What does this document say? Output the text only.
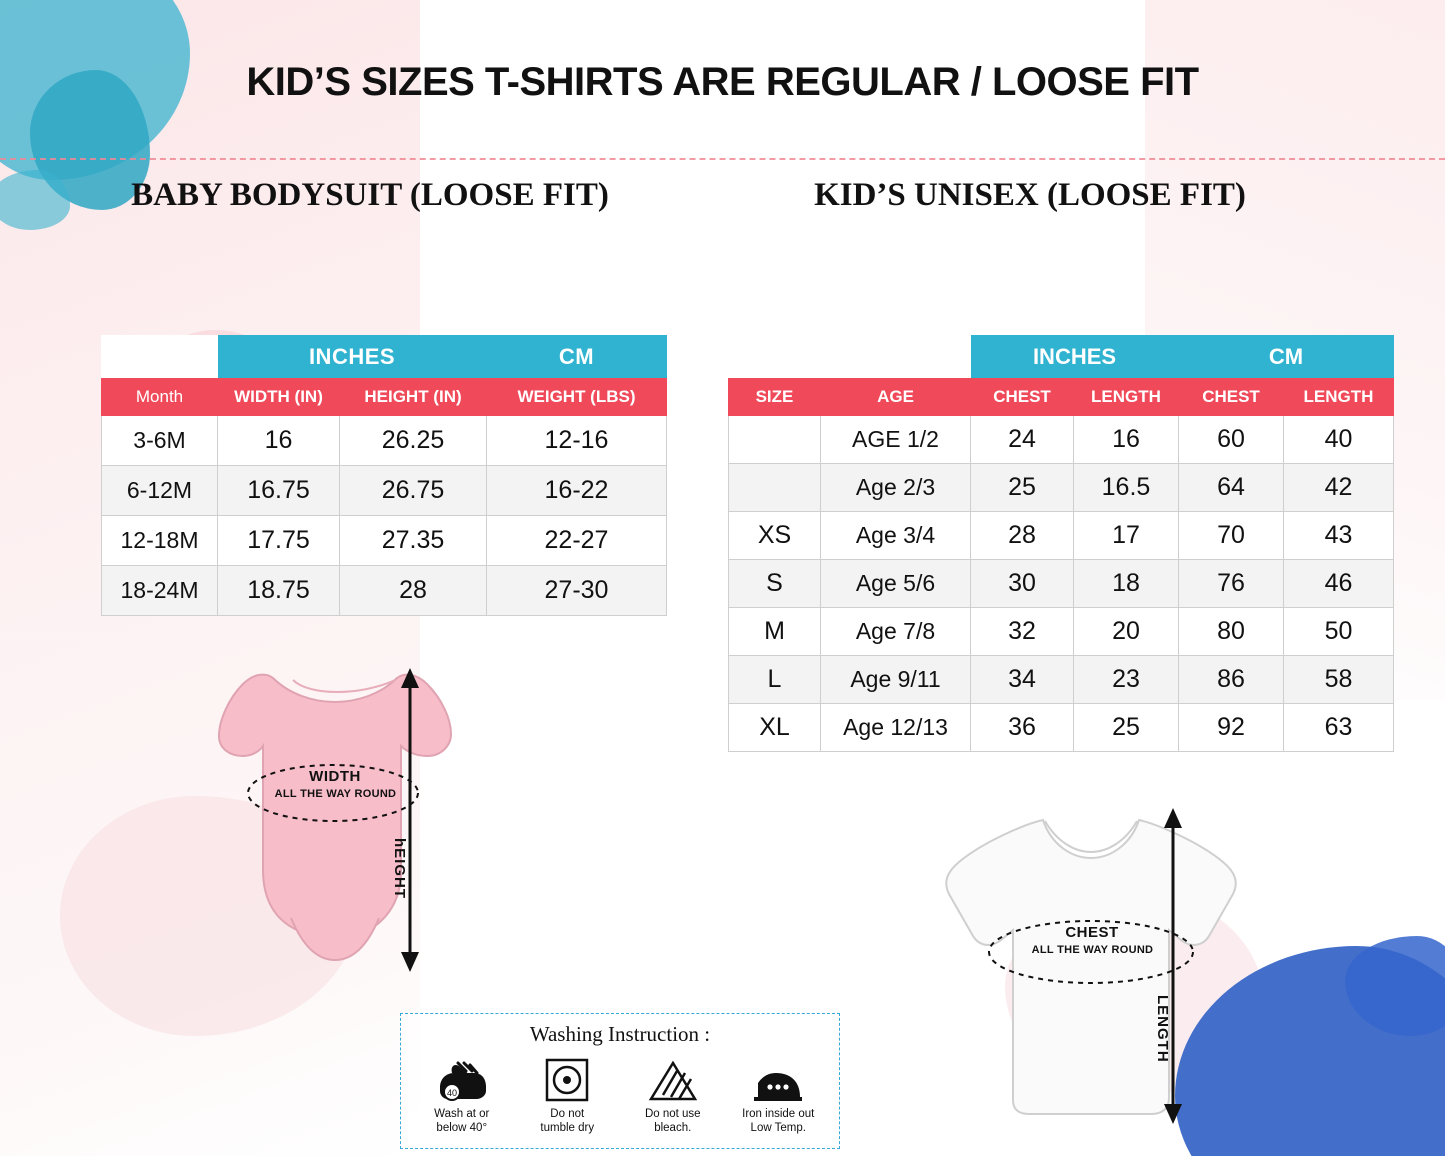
KID’S SIZES T-SHIRTS ARE REGULAR / LOOSE FIT
BABY BODYSUIT (LOOSE FIT)	KID’S UNISEX (LOOSE FIT)
	INCHES		CM
Month	WIDTH (IN)	HEIGHT (IN)	WEIGHT (LBS)
3-6M	16	26.25	12-16
6-12M	16.75	26.75	16-22
12-18M	17.75	27.35	22-27
18-24M	18.75	28	27-30
		INCHES		CM	
SIZE	AGE	CHEST	LENGTH	CHEST	LENGTH
	AGE 1/2	24	16	60	40
	Age 2/3	25	16.5	64	42
XS	Age 3/4	28	17	70	43
S	Age 5/6	30	18	76	46
M	Age 7/8	32	20	80	50
L	Age 9/11	34	23	86	58
XL	Age 12/13	36	25	92	63
WIDTH
ALL THE WAY ROUND
hEIGHT
CHEST
ALL THE WAY ROUND
LENGTH
Washing Instruction :
40
Wash at or
below 40°
Do not
tumble dry
Do not use
bleach.
Iron inside out
Low Temp.
